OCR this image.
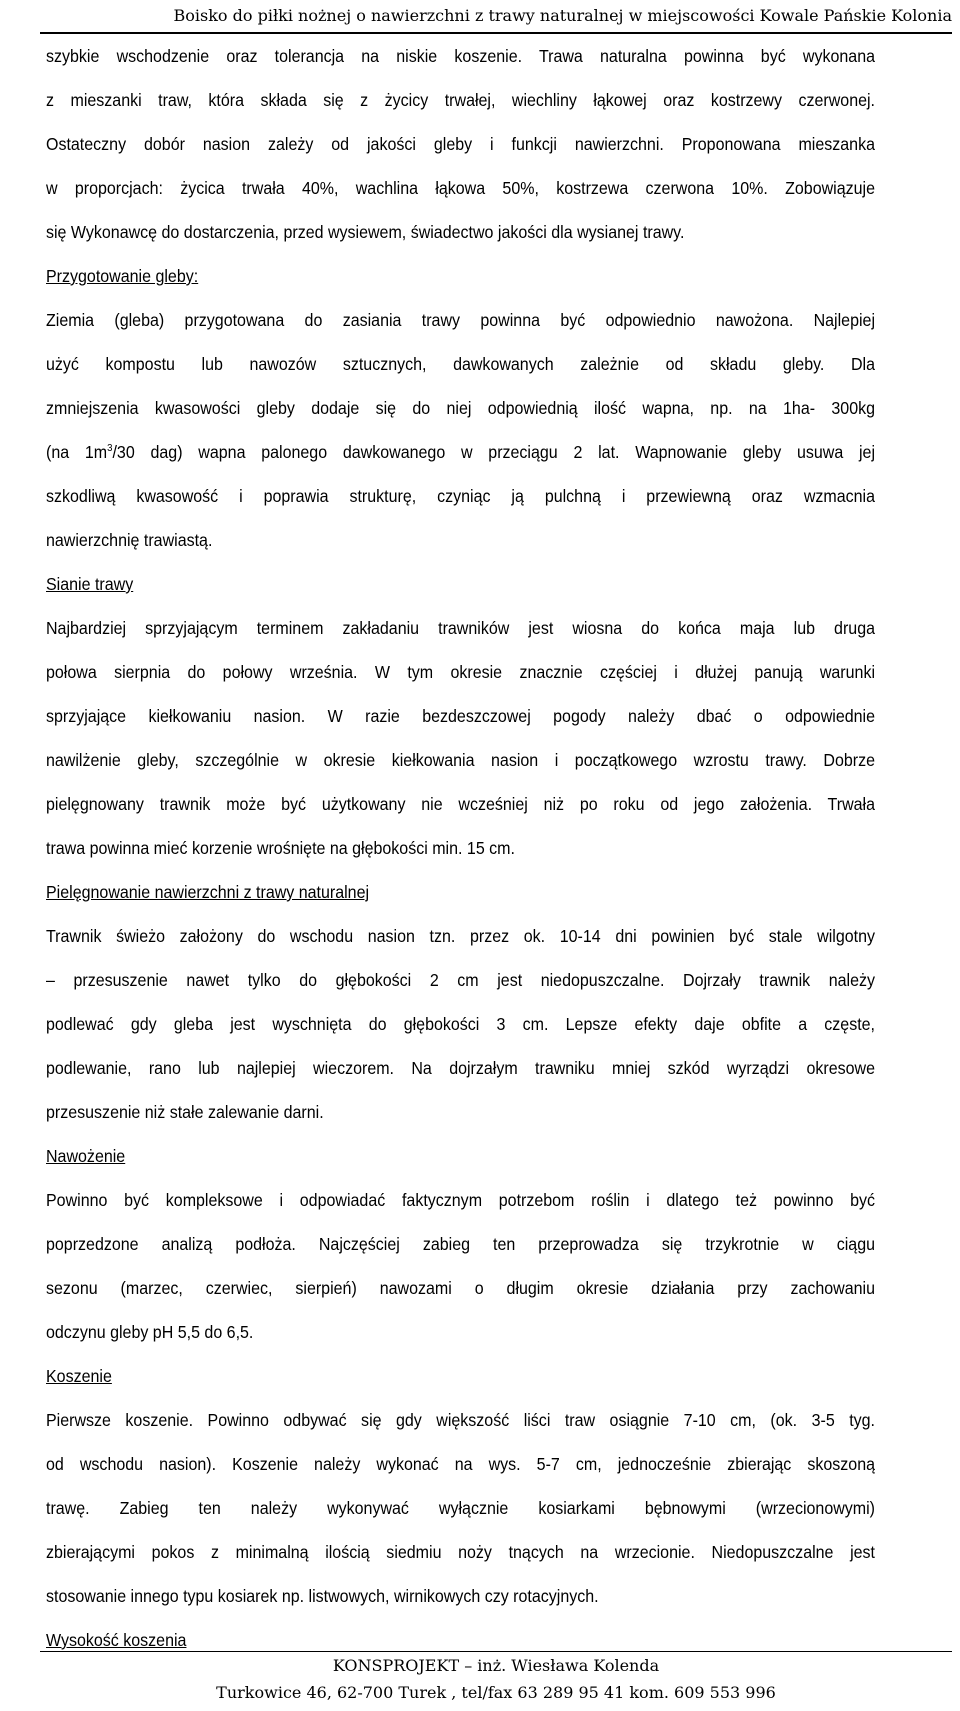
Boisko do piłki nożnej o nawierzchni z trawy naturalnej w miejscowości Kowale Pańskie Kolonia
szybkie wschodzenie oraz tolerancja na niskie koszenie. Trawa naturalna powinna być wykonana
z mieszanki traw, która składa się z życicy trwałej, wiechliny łąkowej oraz kostrzewy czerwonej.
Ostateczny dobór nasion zależy od jakości gleby i funkcji nawierzchni. Proponowana mieszanka
w proporcjach: życica trwała 40%, wachlina łąkowa 50%, kostrzewa czerwona 10%. Zobowiązuje
się Wykonawcę do dostarczenia, przed wysiewem, świadectwo jakości dla wysianej trawy.
Przygotowanie gleby:
Ziemia (gleba) przygotowana do zasiania trawy powinna być odpowiednio nawożona. Najlepiej
użyć kompostu lub nawozów sztucznych, dawkowanych zależnie od składu gleby. Dla
zmniejszenia kwasowości gleby dodaje się do niej odpowiednią ilość wapna, np. na 1ha- 300kg
(na $1m^3/30$ dag) wapna palonego dawkowanego w przeciągu 2 lat. Wapnowanie gleby usuwa jej
szkodliwą kwasowość i poprawia strukturę, czyniąc ją pulchną i przewiewną oraz wzmacnia
nawierzchnię trawiastą.
Sianie trawy
Najbardziej sprzyjającym terminem zakładaniu trawników jest wiosna do końca maja lub druga
połowa sierpnia do połowy września. W tym okresie znacznie częściej i dłużej panują warunki
sprzyjające kiełkowaniu nasion. W razie bezdeszczowej pogody należy dbać o odpowiednie
nawilżenie gleby, szczególnie w okresie kiełkowania nasion i początkowego wzrostu trawy. Dobrze
pielęgnowany trawnik może być użytkowany nie wcześniej niż po roku od jego założenia. Trwała
trawa powinna mieć korzenie wrośnięte na głębokości min. 15 cm.
Pielęgnowanie nawierzchni z trawy naturalnej
Trawnik świeżo założony do wschodu nasion tzn. przez ok. 10-14 dni powinien być stale wilgotny
– przesuszenie nawet tylko do głębokości 2 cm jest niedopuszczalne. Dojrzały trawnik należy
podlewać gdy gleba jest wyschnięta do głębokości 3 cm. Lepsze efekty daje obfite a częste,
podlewanie, rano lub najlepiej wieczorem. Na dojrzałym trawniku mniej szkód wyrządzi okresowe
przesuszenie niż stałe zalewanie darni.
Nawożenie
Powinno być kompleksowe i odpowiadać faktycznym potrzebom roślin i dlatego też powinno być
poprzedzone analizą podłoża. Najczęściej zabieg ten przeprowadza się trzykrotnie w ciągu
sezonu (marzec, czerwiec, sierpień) nawozami o długim okresie działania przy zachowaniu
odczynu gleby pH 5,5 do 6,5.
Koszenie
Pierwsze koszenie. Powinno odbywać się gdy większość liści traw osiągnie 7-10 cm, (ok. 3-5 tyg.
od wschodu nasion). Koszenie należy wykonać na wys. 5-7 cm, jednocześnie zbierając skoszoną
trawę. Zabieg ten należy wykonywać wyłącznie kosiarkami bębnowymi (wrzecionowymi)
zbierającymi pokos z minimalną ilością siedmiu noży tnących na wrzecionie. Niedopuszczalne jest
stosowanie innego typu kosiarek np. listwowych, wirnikowych czy rotacyjnych.
Wysokość koszenia
KONSPROJEKT – inż. Wiesława Kolenda
Turkowice 46, 62-700 Turek , tel/fax 63 289 95 41 kom. 609 553 996
